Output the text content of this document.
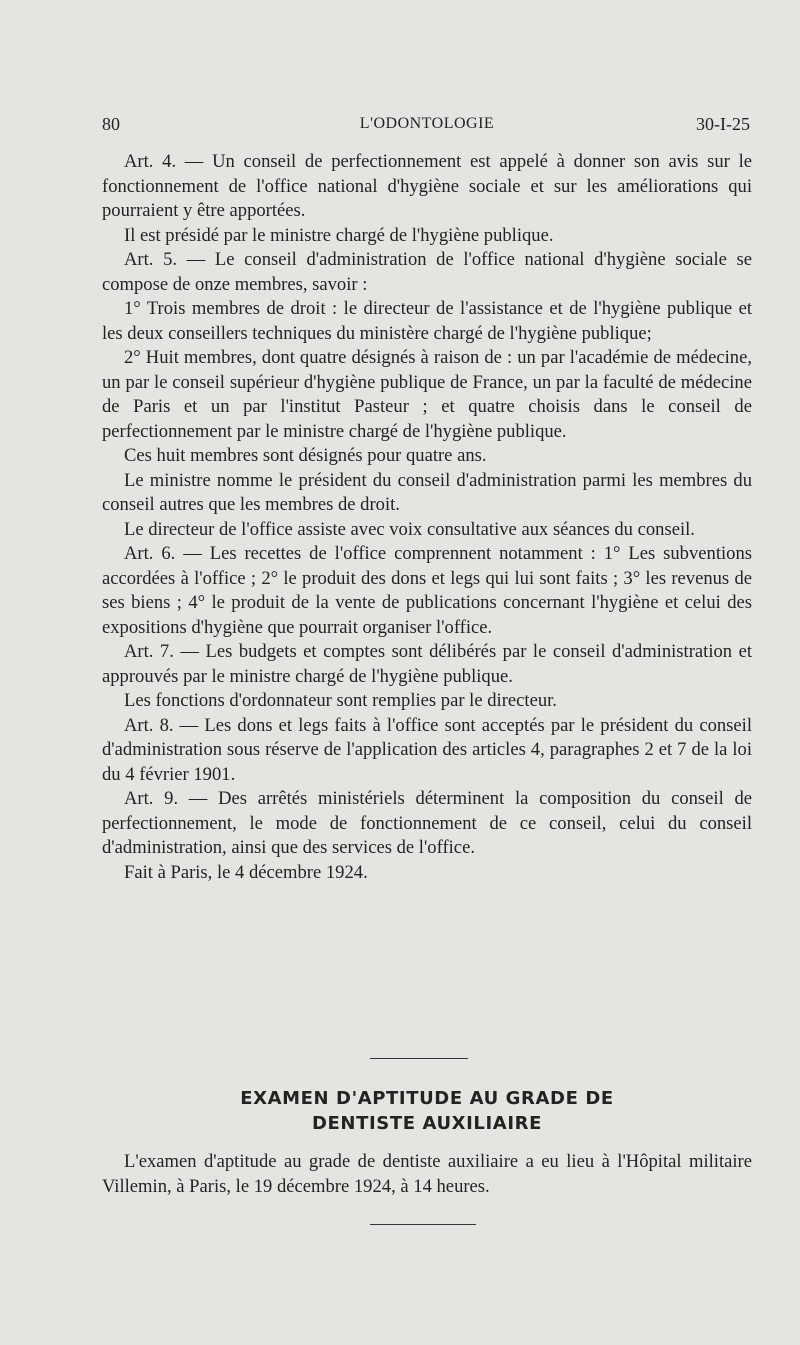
80	L'ODONTOLOGIE	30-I-25

Art. 4. — Un conseil de perfectionnement est appelé à donner son avis sur le fonctionnement de l'office national d'hygiène sociale et sur les améliorations qui pourraient y être apportées.

Il est présidé par le ministre chargé de l'hygiène publique.

Art. 5. — Le conseil d'administration de l'office national d'hygiène sociale se compose de onze membres, savoir :

1° Trois membres de droit : le directeur de l'assistance et de l'hygiène publique et les deux conseillers techniques du ministère chargé de l'hygiène publique;

2° Huit membres, dont quatre désignés à raison de : un par l'académie de médecine, un par le conseil supérieur d'hygiène publique de France, un par la faculté de médecine de Paris et un par l'institut Pasteur ; et quatre choisis dans le conseil de perfectionnement par le ministre chargé de l'hygiène publique.

Ces huit membres sont désignés pour quatre ans.

Le ministre nomme le président du conseil d'administration parmi les membres du conseil autres que les membres de droit.

Le directeur de l'office assiste avec voix consultative aux séances du conseil.

Art. 6. — Les recettes de l'office comprennent notamment : 1° Les subventions accordées à l'office ; 2° le produit des dons et legs qui lui sont faits ; 3° les revenus de ses biens ; 4° le produit de la vente de publications concernant l'hygiène et celui des expositions d'hygiène que pourrait organiser l'office.

Art. 7. — Les budgets et comptes sont délibérés par le conseil d'administration et approuvés par le ministre chargé de l'hygiène publique.

Les fonctions d'ordonnateur sont remplies par le directeur.

Art. 8. — Les dons et legs faits à l'office sont acceptés par le président du conseil d'administration sous réserve de l'application des articles 4, paragraphes 2 et 7 de la loi du 4 février 1901.

Art. 9. — Des arrêtés ministériels déterminent la composition du conseil de perfectionnement, le mode de fonctionnement de ce conseil, celui du conseil d'administration, ainsi que des services de l'office.

Fait à Paris, le 4 décembre 1924.

EXAMEN D'APTITUDE AU GRADE DE
DENTISTE AUXILIAIRE

L'examen d'aptitude au grade de dentiste auxiliaire a eu lieu à l'Hôpital militaire Villemin, à Paris, le 19 décembre 1924, à 14 heures.
